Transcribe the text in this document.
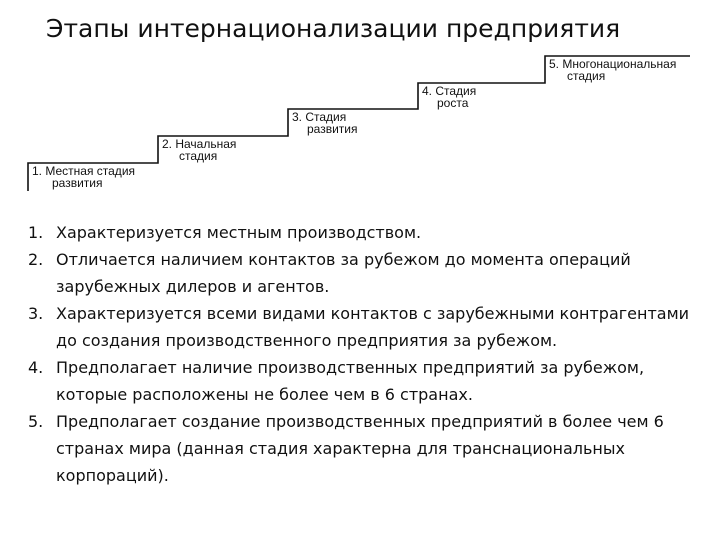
Этапы интернационализации предприятия
1. Местная стадия
развития
2. Начальная
стадия
3. Стадия
развития
4. Стадия
роста
5. Многонациональная
стадия
1. Характеризуется местным производством.
2. Отличается наличием контактов за рубежом до момента операций зарубежных дилеров и агентов.
3. Характеризуется всеми видами контактов с зарубежными контрагентами до создания производственного предприятия за рубежом.
4. Предполагает наличие производственных предприятий за рубежом, которые расположены не более чем в 6 странах.
5. Предполагает создание производственных предприятий в более чем 6 странах мира (данная стадия характерна для транснациональных корпораций).
